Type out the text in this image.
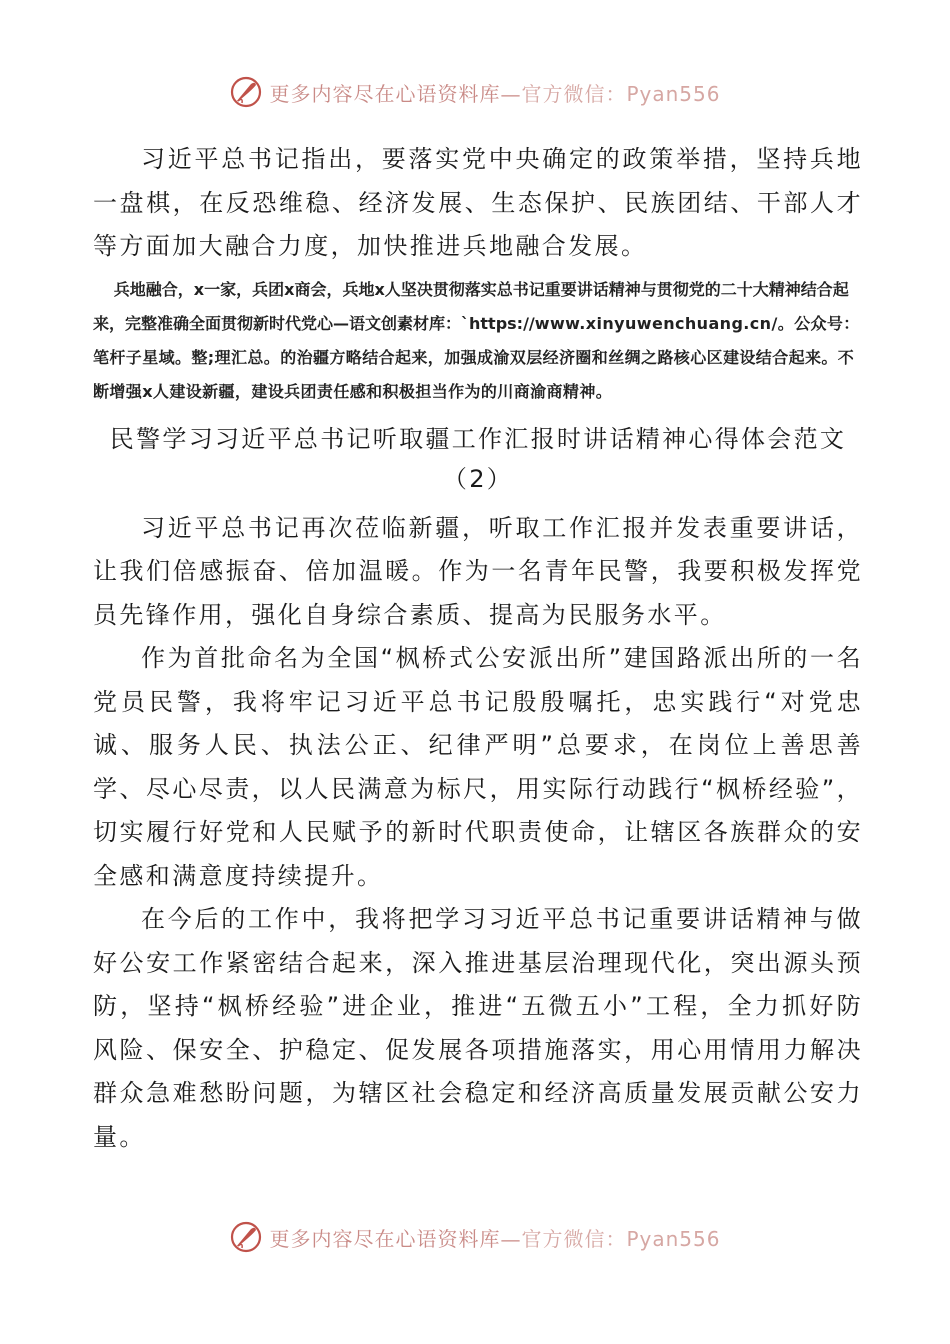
更多内容尽在心语资料库—官方微信：Pyan556

习近平总书记指出，要落实党中央确定的政策举措，坚持兵地一盘棋，在反恐维稳、经济发展、生态保护、民族团结、干部人才等方面加大融合力度，加快推进兵地融合发展。

兵地融合，x一家，兵团x商会，兵地x人坚决贯彻落实总书记重要讲话精神与贯彻党的二十大精神结合起来，完整准确全面贯彻新时代党心—语文创素材库：`https://www.xinyuwenchuang.cn/。公众号：笔杆子星域。整;理汇总。的治疆方略结合起来，加强成渝双层经济圈和丝绸之路核心区建设结合起来。不断增强x人建设新疆，建设兵团责任感和积极担当作为的川商渝商精神。
民警学习习近平总书记听取疆工作汇报时讲话精神心得体会范文
（2）

习近平总书记再次莅临新疆，听取工作汇报并发表重要讲话，让我们倍感振奋、倍加温暖。作为一名青年民警，我要积极发挥党员先锋作用，强化自身综合素质、提高为民服务水平。

作为首批命名为全国“枫桥式公安派出所”建国路派出所的一名党员民警，我将牢记习近平总书记殷殷嘱托，忠实践行“对党忠诚、服务人民、执法公正、纪律严明”总要求，在岗位上善思善学、尽心尽责，以人民满意为标尺，用实际行动践行“枫桥经验”，切实履行好党和人民赋予的新时代职责使命，让辖区各族群众的安全感和满意度持续提升。

在今后的工作中，我将把学习习近平总书记重要讲话精神与做好公安工作紧密结合起来，深入推进基层治理现代化，突出源头预防，坚持“枫桥经验”进企业，推进“五微五小”工程，全力抓好防风险、保安全、护稳定、促发展各项措施落实，用心用情用力解决群众急难愁盼问题，为辖区社会稳定和经济高质量发展贡献公安力量。

更多内容尽在心语资料库—官方微信：Pyan556
